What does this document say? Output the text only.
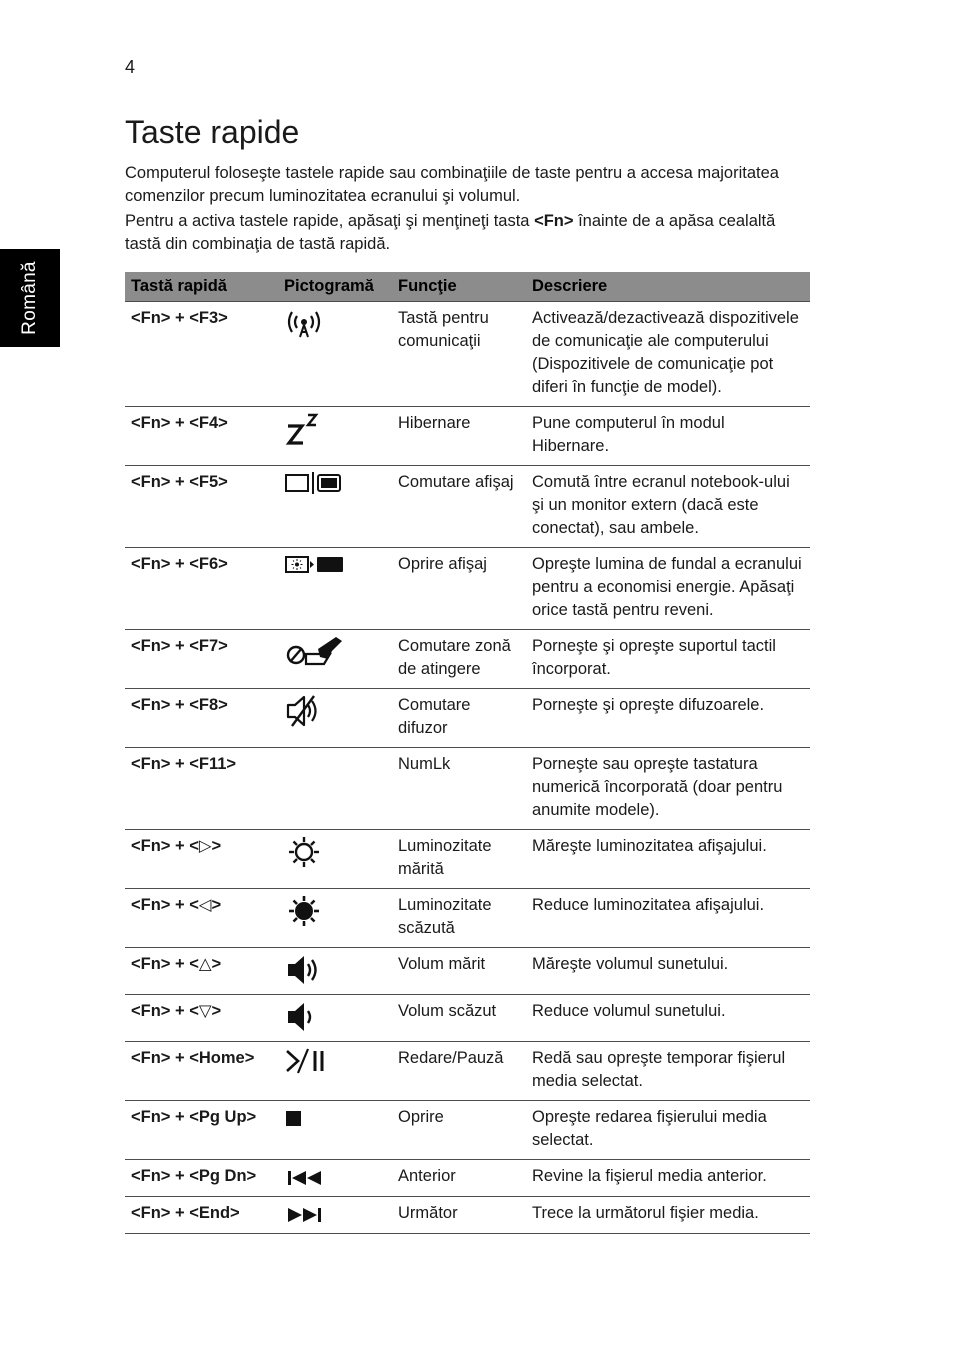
4
Română
Taste rapide

Computerul foloseşte tastele rapide sau combinaţiile de taste pentru a accesa majoritatea comenzilor precum luminozitatea ecranului şi volumul.

Pentru a activa tastele rapide, apăsaţi şi menţineţi tasta <Fn> înainte de a apăsa cealaltă tastă din combinaţia de tastă rapidă.

Tastă rapidă	Pictogramă	Funcţie	Descriere
<Fn> + <F3>		Tastă pentru comunicaţii	Activează/dezactivează dispozitivele de comunicaţie ale computerului (Dispozitivele de comunicaţie pot diferi în funcţie de model).
<Fn> + <F4>		Hibernare	Pune computerul în modul Hibernare.
<Fn> + <F5>		Comutare afişaj	Comută între ecranul notebook-ului şi un monitor extern (dacă este conectat), sau ambele.
<Fn> + <F6>		Oprire afişaj	Opreşte lumina de fundal a ecranului pentru a economisi energie. Apăsaţi orice tastă pentru reveni.
<Fn> + <F7>		Comutare zonă de atingere	Porneşte şi opreşte suportul tactil încorporat.
<Fn> + <F8>		Comutare difuzor	Porneşte şi opreşte difuzoarele.
<Fn> + <F11>		NumLk	Porneşte sau opreşte tastatura numerică încorporată (doar pentru anumite modele).
<Fn> + <▷>		Luminozitate mărită	Măreşte luminozitatea afişajului.
<Fn> + <◁>		Luminozitate scăzută	Reduce luminozitatea afişajului.
<Fn> + <△>		Volum mărit	Măreşte volumul sunetului.
<Fn> + <▽>		Volum scăzut	Reduce volumul sunetului.
<Fn> + <Home>		Redare/Pauză	Redă sau opreşte temporar fişierul media selectat.
<Fn> + <Pg Up>		Oprire	Opreşte redarea fişierului media selectat.
<Fn> + <Pg Dn>		Anterior	Revine la fişierul media anterior.
<Fn> + <End>		Următor	Trece la următorul fişier media.
